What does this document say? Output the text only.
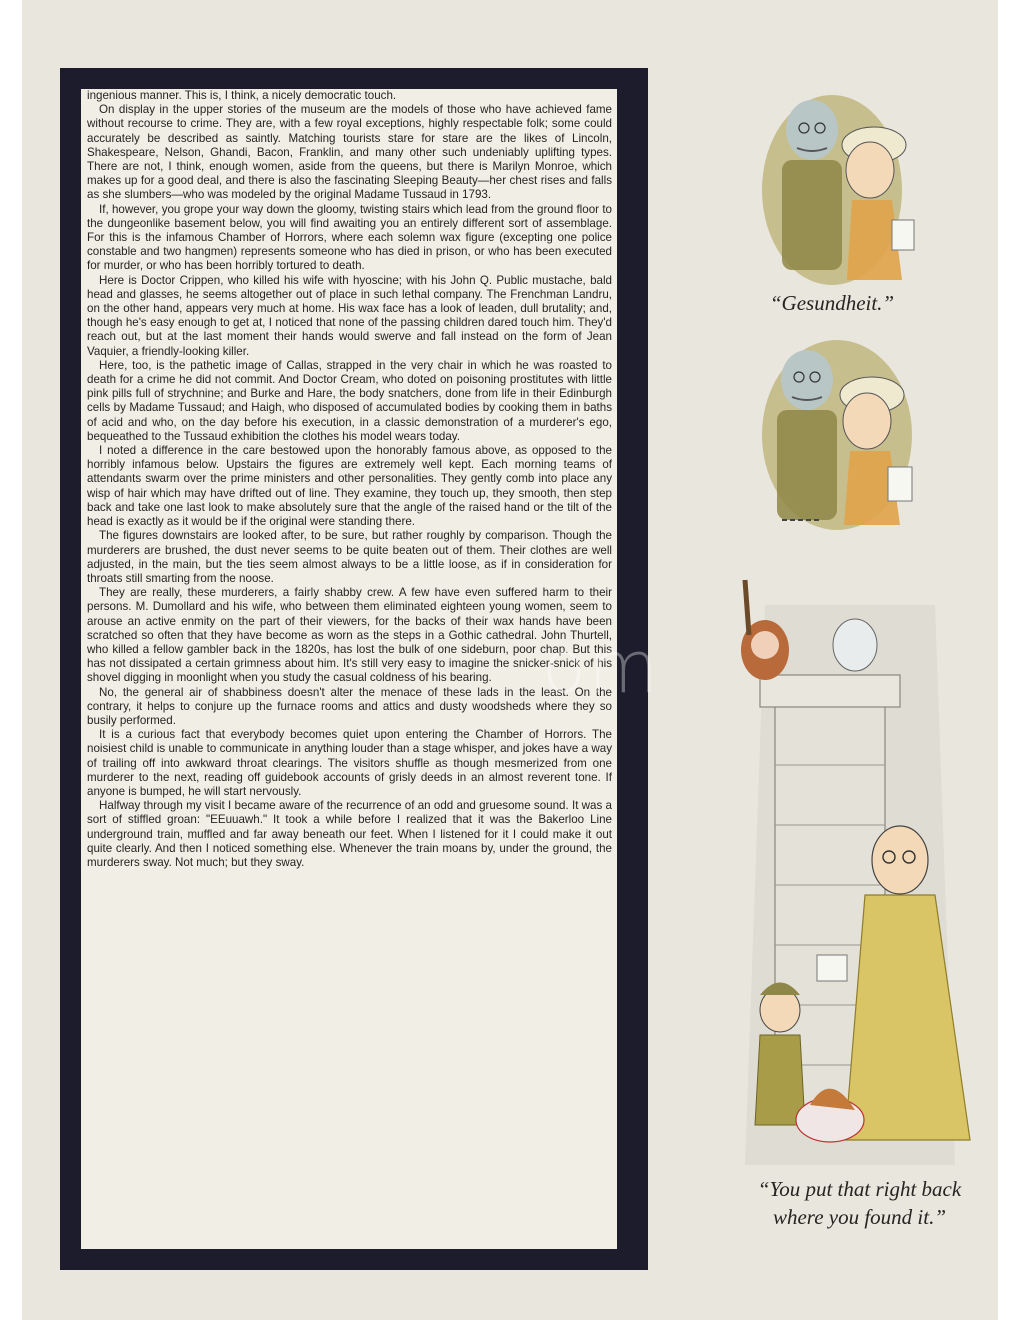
ingenious manner. This is, I think, a nicely democratic touch.

On display in the upper stories of the museum are the models of those who have achieved fame without recourse to crime. They are, with a few royal exceptions, highly respectable folk; some could accurately be described as saintly. Matching tourists stare for stare are the likes of Lincoln, Shakespeare, Nelson, Ghandi, Bacon, Franklin, and many other such undeniably uplifting types. There are not, I think, enough women, aside from the queens, but there is Marilyn Monroe, which makes up for a good deal, and there is also the fascinating Sleeping Beauty—her chest rises and falls as she slumbers—who was modeled by the original Madame Tussaud in 1793.

If, however, you grope your way down the gloomy, twisting stairs which lead from the ground floor to the dungeonlike basement below, you will find awaiting you an entirely different sort of assemblage. For this is the infamous Chamber of Horrors, where each solemn wax figure (excepting one police constable and two hangmen) represents someone who has died in prison, or who has been executed for murder, or who has been horribly tortured to death.

Here is Doctor Crippen, who killed his wife with hyoscine; with his John Q. Public mustache, bald head and glasses, he seems altogether out of place in such lethal company. The Frenchman Landru, on the other hand, appears very much at home. His wax face has a look of leaden, dull brutality; and, though he's easy enough to get at, I noticed that none of the passing children dared touch him. They'd reach out, but at the last moment their hands would swerve and fall instead on the form of Jean Vaquier, a friendly-looking killer.

Here, too, is the pathetic image of Callas, strapped in the very chair in which he was roasted to death for a crime he did not commit. And Doctor Cream, who doted on poisoning prostitutes with little pink pills full of strychnine; and Burke and Hare, the body snatchers, done from life in their Edinburgh cells by Madame Tussaud; and Haigh, who disposed of accumulated bodies by cooking them in baths of acid and who, on the day before his execution, in a classic demonstration of a murderer's ego, bequeathed to the Tussaud exhibition the clothes his model wears today.

I noted a difference in the care bestowed upon the honorably famous above, as opposed to the horribly infamous below. Upstairs the figures are extremely well kept. Each morning teams of attendants swarm over the prime ministers and other personalities. They gently comb into place any wisp of hair which may have drifted out of line. They examine, they touch up, they smooth, then step back and take one last look to make absolutely sure that the angle of the raised hand or the tilt of the head is exactly as it would be if the original were standing there.

The figures downstairs are looked after, to be sure, but rather roughly by comparison. Though the murderers are brushed, the dust never seems to be quite beaten out of them. Their clothes are well adjusted, in the main, but the ties seem almost always to be a little loose, as if in consideration for throats still smarting from the noose.

They are really, these murderers, a fairly shabby crew. A few have even suffered harm to their persons. M. Dumollard and his wife, who between them eliminated eighteen young women, seem to arouse an active enmity on the part of their viewers, for the backs of their wax hands have been scratched so often that they have become as worn as the steps in a Gothic cathedral. John Thurtell, who killed a fellow gambler back in the 1820s, has lost the bulk of one sideburn, poor chap. But this has not dissipated a certain grimness about him. It's still very easy to imagine the snicker-snick of his shovel digging in moonlight when you study the casual coldness of his bearing.

No, the general air of shabbiness doesn't alter the menace of these lads in the least. On the contrary, it helps to conjure up the furnace rooms and attics and dusty woodsheds where they so busily performed.

It is a curious fact that everybody becomes quiet upon entering the Chamber of Horrors. The noisiest child is unable to communicate in anything louder than a stage whisper, and jokes have a way of trailing off into awkward throat clearings. The visitors shuffle as though mesmerized from one murderer to the next, reading off guidebook accounts of grisly deeds in an almost reverent tone. If anyone is bumped, he will start nervously.

Halfway through my visit I became aware of the recurrence of an odd and gruesome sound. It was a sort of stiffled groan: "EEuuawh." It took a while before I realized that it was the Bakerloo Line underground train, muffled and far away beneath our feet. When I listened for it I could make it out quite clearly. And then I noticed something else. Whenever the train moans by, under the ground, the murderers sway. Not much; but they sway.

“Gesundheit.”
“You put that right back
where you found it.”
om
